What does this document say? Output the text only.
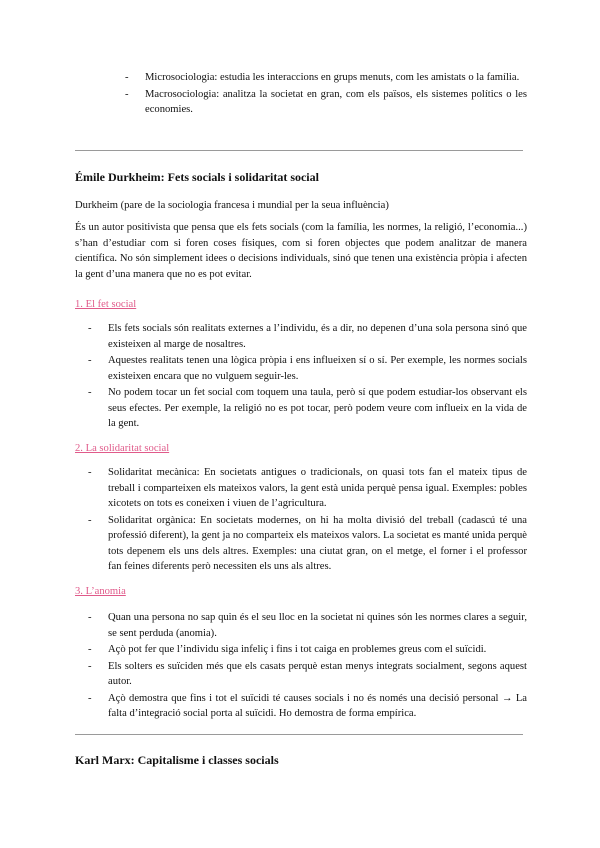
- Microsociologia: estudia les interaccions en grups menuts, com les amistats o la família.
- Macrosociologia: analitza la societat en gran, com els països, els sistemes polítics o les economies.
Émile Durkheim: Fets socials i solidaritat social

Durkheim (pare de la sociologia francesa i mundial per la seua influència)

És un autor positivista que pensa que els fets socials (com la família, les normes, la religió, l’economia...) s’han d’estudiar com si foren coses físiques, com si foren objectes que podem analitzar de manera científica. No són simplement idees o decisions individuals, sinó que tenen una existència pròpia i afecten la gent d’una manera que no es pot evitar.

1. El fet social

- Els fets socials són realitats externes a l’individu, és a dir, no depenen d’una sola persona sinó que existeixen al marge de nosaltres.
- Aquestes realitats tenen una lògica pròpia i ens influeixen sí o sí. Per exemple, les normes socials existeixen encara que no vulguem seguir-les.
- No podem tocar un fet social com toquem una taula, però sí que podem estudiar-los observant els seus efectes. Per exemple, la religió no es pot tocar, però podem veure com influeix en la vida de la gent.

2. La solidaritat social

- Solidaritat mecànica: En societats antigues o tradicionals, on quasi tots fan el mateix tipus de treball i comparteixen els mateixos valors, la gent està unida perquè pensa igual. Exemples: pobles xicotets on tots es coneixen i viuen de l’agricultura.
- Solidaritat orgànica: En societats modernes, on hi ha molta divisió del treball (cadascú té una professió diferent), la gent ja no comparteix els mateixos valors. La societat es manté unida perquè tots depenem els uns dels altres. Exemples: una ciutat gran, on el metge, el forner i el professor fan feines diferents però necessiten els uns als altres.

3. L’anomia

- Quan una persona no sap quin és el seu lloc en la societat ni quines són les normes clares a seguir, se sent perduda (anomia).
- Açò pot fer que l’individu siga infeliç i fins i tot caiga en problemes greus com el suïcidi.
- Els solters es suïciden més que els casats perquè estan menys integrats socialment, segons aquest autor.
- Açò demostra que fins i tot el suïcidi té causes socials i no és només una decisió personal → La falta d’integració social porta al suïcidi. Ho demostra de forma empírica.
Karl Marx: Capitalisme i classes socials
